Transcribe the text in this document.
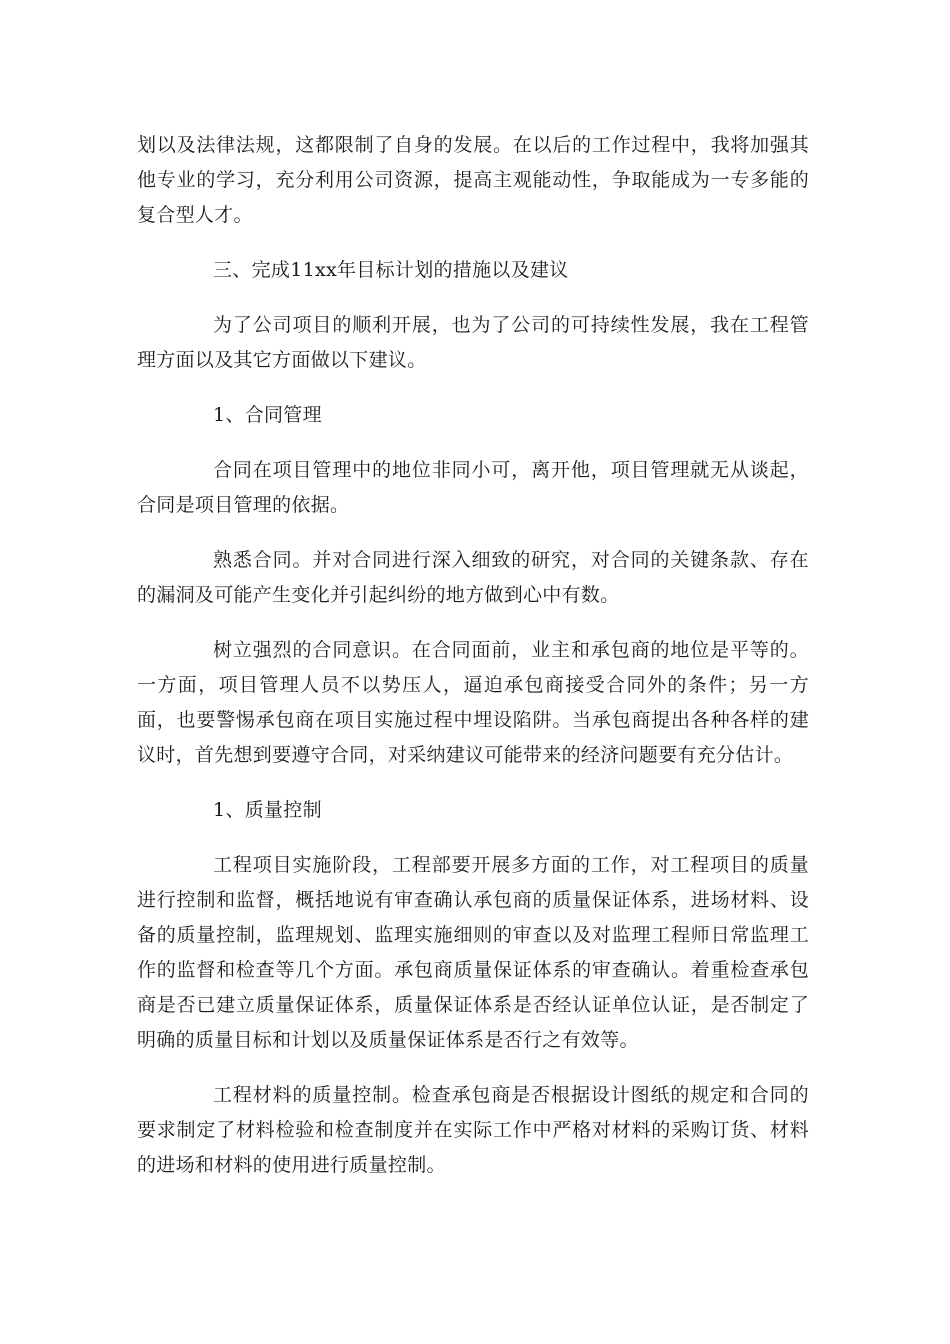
划以及法律法规，这都限制了自身的发展。在以后的工作过程中，我将加强其他专业的学习，充分利用公司资源，提高主观能动性，争取能成为一专多能的复合型人才。

三、完成11xx年目标计划的措施以及建议

为了公司项目的顺利开展，也为了公司的可持续性发展，我在工程管理方面以及其它方面做以下建议。

1、合同管理

合同在项目管理中的地位非同小可，离开他，项目管理就无从谈起，合同是项目管理的依据。

熟悉合同。并对合同进行深入细致的研究，对合同的关键条款、存在的漏洞及可能产生变化并引起纠纷的地方做到心中有数。

树立强烈的合同意识。在合同面前，业主和承包商的地位是平等的。一方面，项目管理人员不以势压人，逼迫承包商接受合同外的条件；另一方面，也要警惕承包商在项目实施过程中埋设陷阱。当承包商提出各种各样的建议时，首先想到要遵守合同，对采纳建议可能带来的经济问题要有充分估计。

1、质量控制

工程项目实施阶段，工程部要开展多方面的工作，对工程项目的质量进行控制和监督，概括地说有审查确认承包商的质量保证体系，进场材料、设备的质量控制，监理规划、监理实施细则的审查以及对监理工程师日常监理工作的监督和检查等几个方面。承包商质量保证体系的审查确认。着重检查承包商是否已建立质量保证体系，质量保证体系是否经认证单位认证，是否制定了明确的质量目标和计划以及质量保证体系是否行之有效等。

工程材料的质量控制。检查承包商是否根据设计图纸的规定和合同的要求制定了材料检验和检查制度并在实际工作中严格对材料的采购订货、材料的进场和材料的使用进行质量控制。
